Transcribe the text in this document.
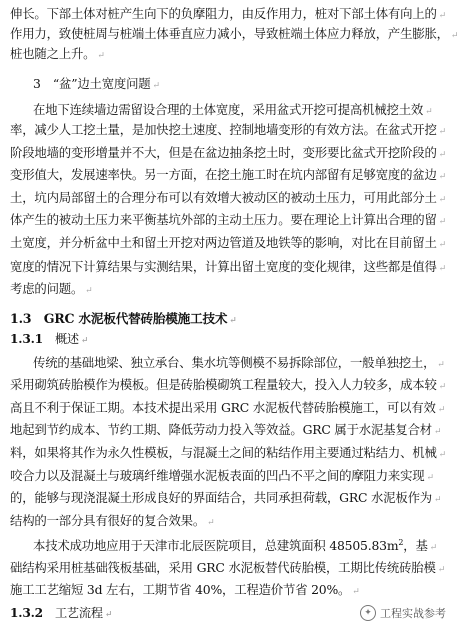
伸长。下部土体对桩产生向下的负摩阻力，由反作用力，桩对下部土体有向上的 ↵
作用力，致使桩周与桩端土体垂直应力减小，导致桩端土体应力释放，产生膨胀， ↵
桩也随之上升。 ↵
3　“盆”边土宽度问题 ↵
在地下连续墙边需留设合理的土体宽度，采用盆式开挖可提高机械挖土效 ↵
率，减少人工挖土量，是加快挖土速度、控制地墙变形的有效方法。在盆式开挖 ↵
阶段地墙的变形增量并不大，但是在盆边抽条挖土时，变形要比盆式开挖阶段的 ↵
变形值大，发展速率快。另一方面，在挖土施工时在坑内部留有足够宽度的盆边 ↵
土，坑内局部留土的合理分布可以有效增大被动区的被动土压力，可用此部分土 ↵
体产生的被动土压力来平衡基坑外部的主动土压力。要在理论上计算出合理的留 ↵
土宽度，并分析盆中土和留土开挖对两边管道及地铁等的影响，对比在目前留土 ↵
宽度的情况下计算结果与实测结果，计算出留土宽度的变化规律，这些都是值得 ↵
考虑的问题。 ↵
1.3　GRC 水泥板代替砖胎模施工技术 ↵
1.3.1　 概述 ↵
传统的基础地梁、独立承台、集水坑等侧模不易拆除部位，一般单独挖土， ↵
采用砌筑砖胎模作为模板。但是砖胎模砌筑工程量较大，投入人力较多，成本较 ↵
高且不利于保证工期。本技术提出采用 GRC 水泥板代替砖胎模施工，可以有效 ↵
地起到节约成本、节约工期、降低劳动力投入等效益。GRC 属于水泥基复合材 ↵
料，如果将其作为永久性模板，与混凝土之间的粘结作用主要通过粘结力、机械 ↵
咬合力以及混凝土与玻璃纤维增强水泥板表面的凹凸不平之间的摩阻力来实现 ↵
的，能够与现浇混凝土形成良好的界面结合，共同承担荷载，GRC 水泥板作为 ↵
结构的一部分具有很好的复合效果。 ↵
本技术成功地应用于天津市北辰医院项目，总建筑面积 $48505.83m^2$，基 ↵
础结构采用桩基础筏板基础，采用 GRC 水泥板替代砖胎模，工期比传统砖胎模 ↵
施工工艺缩短 3d 左右，工期节省 40%，工程造价节省 20%。 ↵
1.3.2　 工艺流程 ↵	✦ 工程实战参考
